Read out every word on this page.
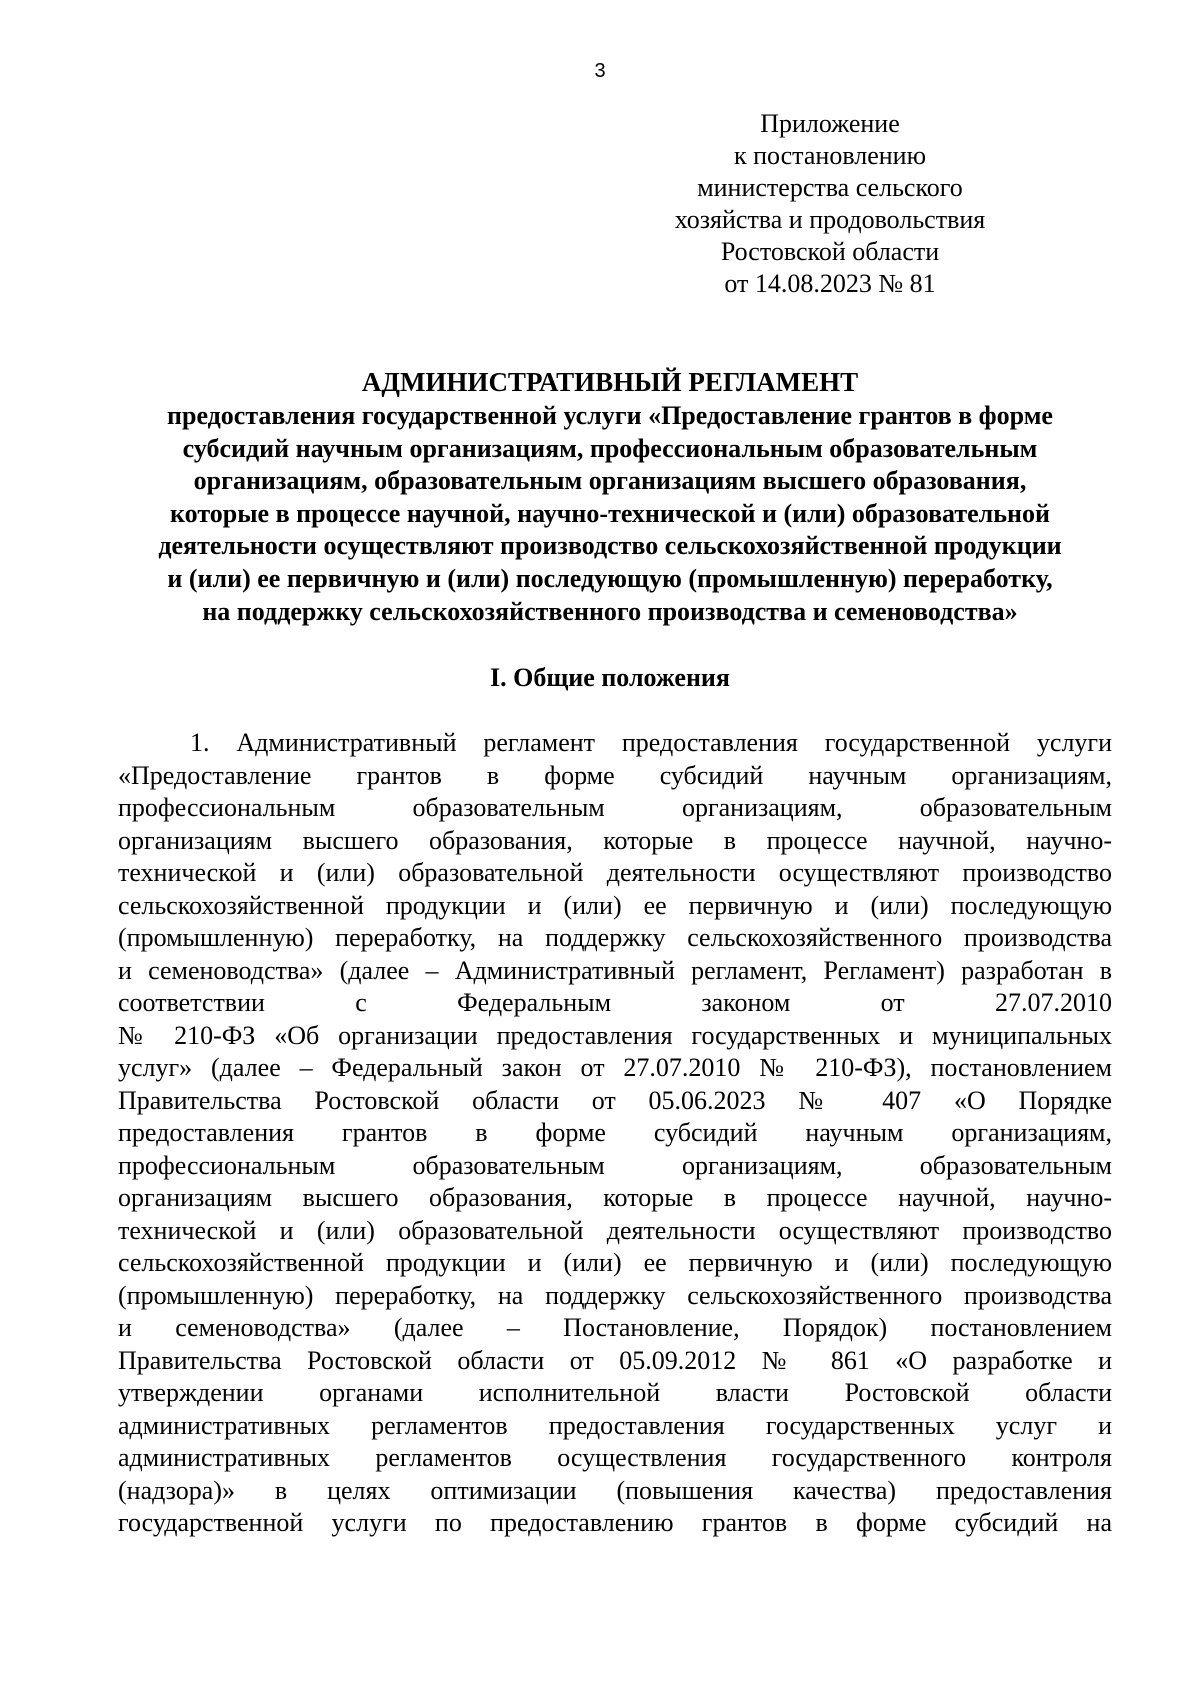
3
Приложение
к постановлению
министерства сельского
хозяйства и продовольствия
Ростовской области
от 14.08.2023 № 81
АДМИНИСТРАТИВНЫЙ РЕГЛАМЕНТ
предоставления государственной услуги «Предоставление грантов в форме
субсидий научным организациям, профессиональным образовательным
организациям, образовательным организациям высшего образования,
которые в процессе научной, научно-технической и (или) образовательной
деятельности осуществляют производство сельскохозяйственной продукции
и (или) ее первичную и (или) последующую (промышленную) переработку,
на поддержку сельскохозяйственного производства и семеноводства»
I. Общие положения
1. Административный регламент предоставления государственной услуги
«Предоставление грантов в форме субсидий научным организациям,
профессиональным образовательным организациям, образовательным
организациям высшего образования, которые в процессе научной, научно-
технической и (или) образовательной деятельности осуществляют производство
сельскохозяйственной продукции и (или) ее первичную и (или) последующую
(промышленную) переработку, на поддержку сельскохозяйственного производства
и семеноводства» (далее – Административный регламент, Регламент) разработан в
соответствии с Федеральным законом от 27.07.2010
№ 210-ФЗ «Об организации предоставления государственных и муниципальных
услуг» (далее – Федеральный закон от 27.07.2010 № 210-ФЗ), постановлением
Правительства Ростовской области от 05.06.2023 № 407 «О Порядке
предоставления грантов в форме субсидий научным организациям,
профессиональным образовательным организациям, образовательным
организациям высшего образования, которые в процессе научной, научно-
технической и (или) образовательной деятельности осуществляют производство
сельскохозяйственной продукции и (или) ее первичную и (или) последующую
(промышленную) переработку, на поддержку сельскохозяйственного производства
и семеноводства» (далее – Постановление, Порядок) постановлением
Правительства Ростовской области от 05.09.2012 № 861 «О разработке и
утверждении органами исполнительной власти Ростовской области
административных регламентов предоставления государственных услуг и
административных регламентов осуществления государственного контроля
(надзора)» в целях оптимизации (повышения качества) предоставления
государственной услуги по предоставлению грантов в форме субсидий на
